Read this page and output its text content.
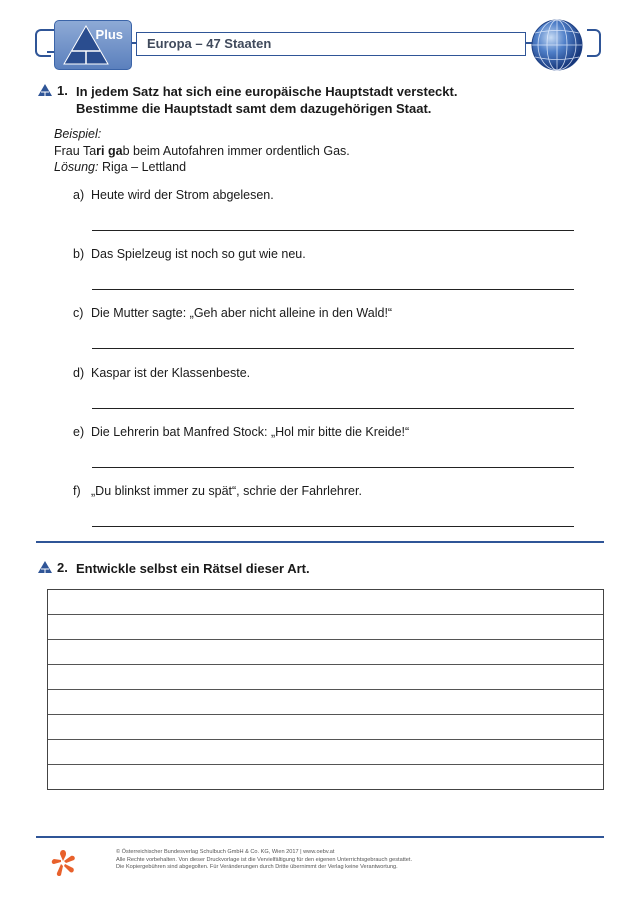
Plus
Europa – 47 Staaten
1. In jedem Satz hat sich eine europäische Hauptstadt versteckt.
Bestimme die Hauptstadt samt dem dazugehörigen Staat.
Beispiel:
Frau Tari gab beim Autofahren immer ordentlich Gas.
Lösung: Riga – Lettland
a) Heute wird der Strom abgelesen.
b) Das Spielzeug ist noch so gut wie neu.
c) Die Mutter sagte: „Geh aber nicht alleine in den Wald!“
d) Kaspar ist der Klassenbeste.
e) Die Lehrerin bat Manfred Stock: „Hol mir bitte die Kreide!“
f) „Du blinkst immer zu spät“, schrie der Fahrlehrer.
2. Entwickle selbst ein Rätsel dieser Art.
© Österreichischer Bundesverlag Schulbuch GmbH & Co. KG, Wien 2017 | www.oebv.at
Alle Rechte vorbehalten. Von dieser Druckvorlage ist die Vervielfältigung für den eigenen Unterrichtsgebrauch gestattet.
Die Kopiergebühren sind abgegolten. Für Veränderungen durch Dritte übernimmt der Verlag keine Verantwortung.
